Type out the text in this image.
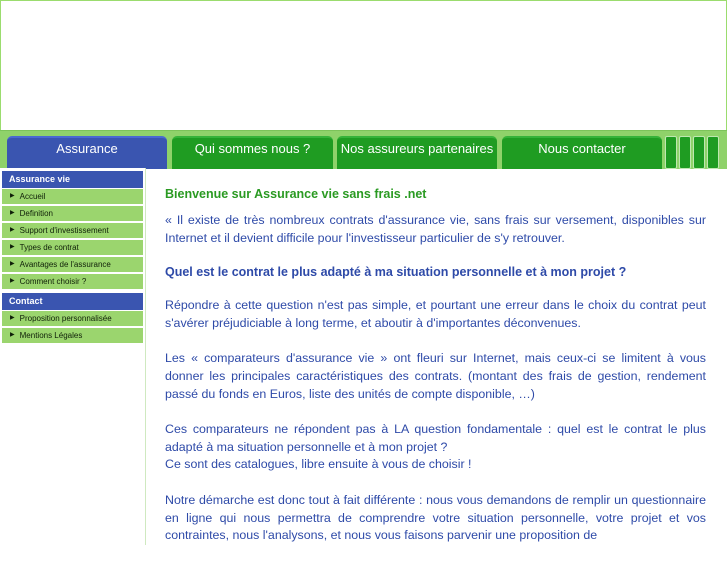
Assurance	Qui sommes nous ?	Nos assureurs partenaires	Nous contacter
Assurance vie
▶ Accueil
▶ Definition
▶ Support d'investissement
▶ Types de contrat
▶ Avantages de l'assurance
▶ Comment choisir ?
Contact
▶ Proposition personnalisée
▶ Mentions Légales
Bienvenue sur Assurance vie sans frais .net

« Il existe de très nombreux contrats d'assurance vie, sans frais sur versement, disponibles sur Internet et il devient difficile pour l'investisseur particulier de s'y retrouver.

Quel est le contrat le plus adapté à ma situation personnelle et à mon projet ?

Répondre à cette question n'est pas simple, et pourtant une erreur dans le choix du contrat peut s'avérer préjudiciable à long terme, et aboutir à d'importantes déconvenues.

Les « comparateurs d'assurance vie » ont fleuri sur Internet, mais ceux-ci se limitent à vous donner les principales caractéristiques des contrats. (montant des frais de gestion, rendement passé du fonds en Euros, liste des unités de compte disponible, …)

Ces comparateurs ne répondent pas à LA question fondamentale : quel est le contrat le plus adapté à ma situation personnelle et à mon projet ?
Ce sont des catalogues, libre ensuite à vous de choisir !

Notre démarche est donc tout à fait différente : nous vous demandons de remplir un questionnaire en ligne qui nous permettra de comprendre votre situation personnelle, votre projet et vos contraintes, nous l'analysons, et nous vous faisons parvenir une proposition de
